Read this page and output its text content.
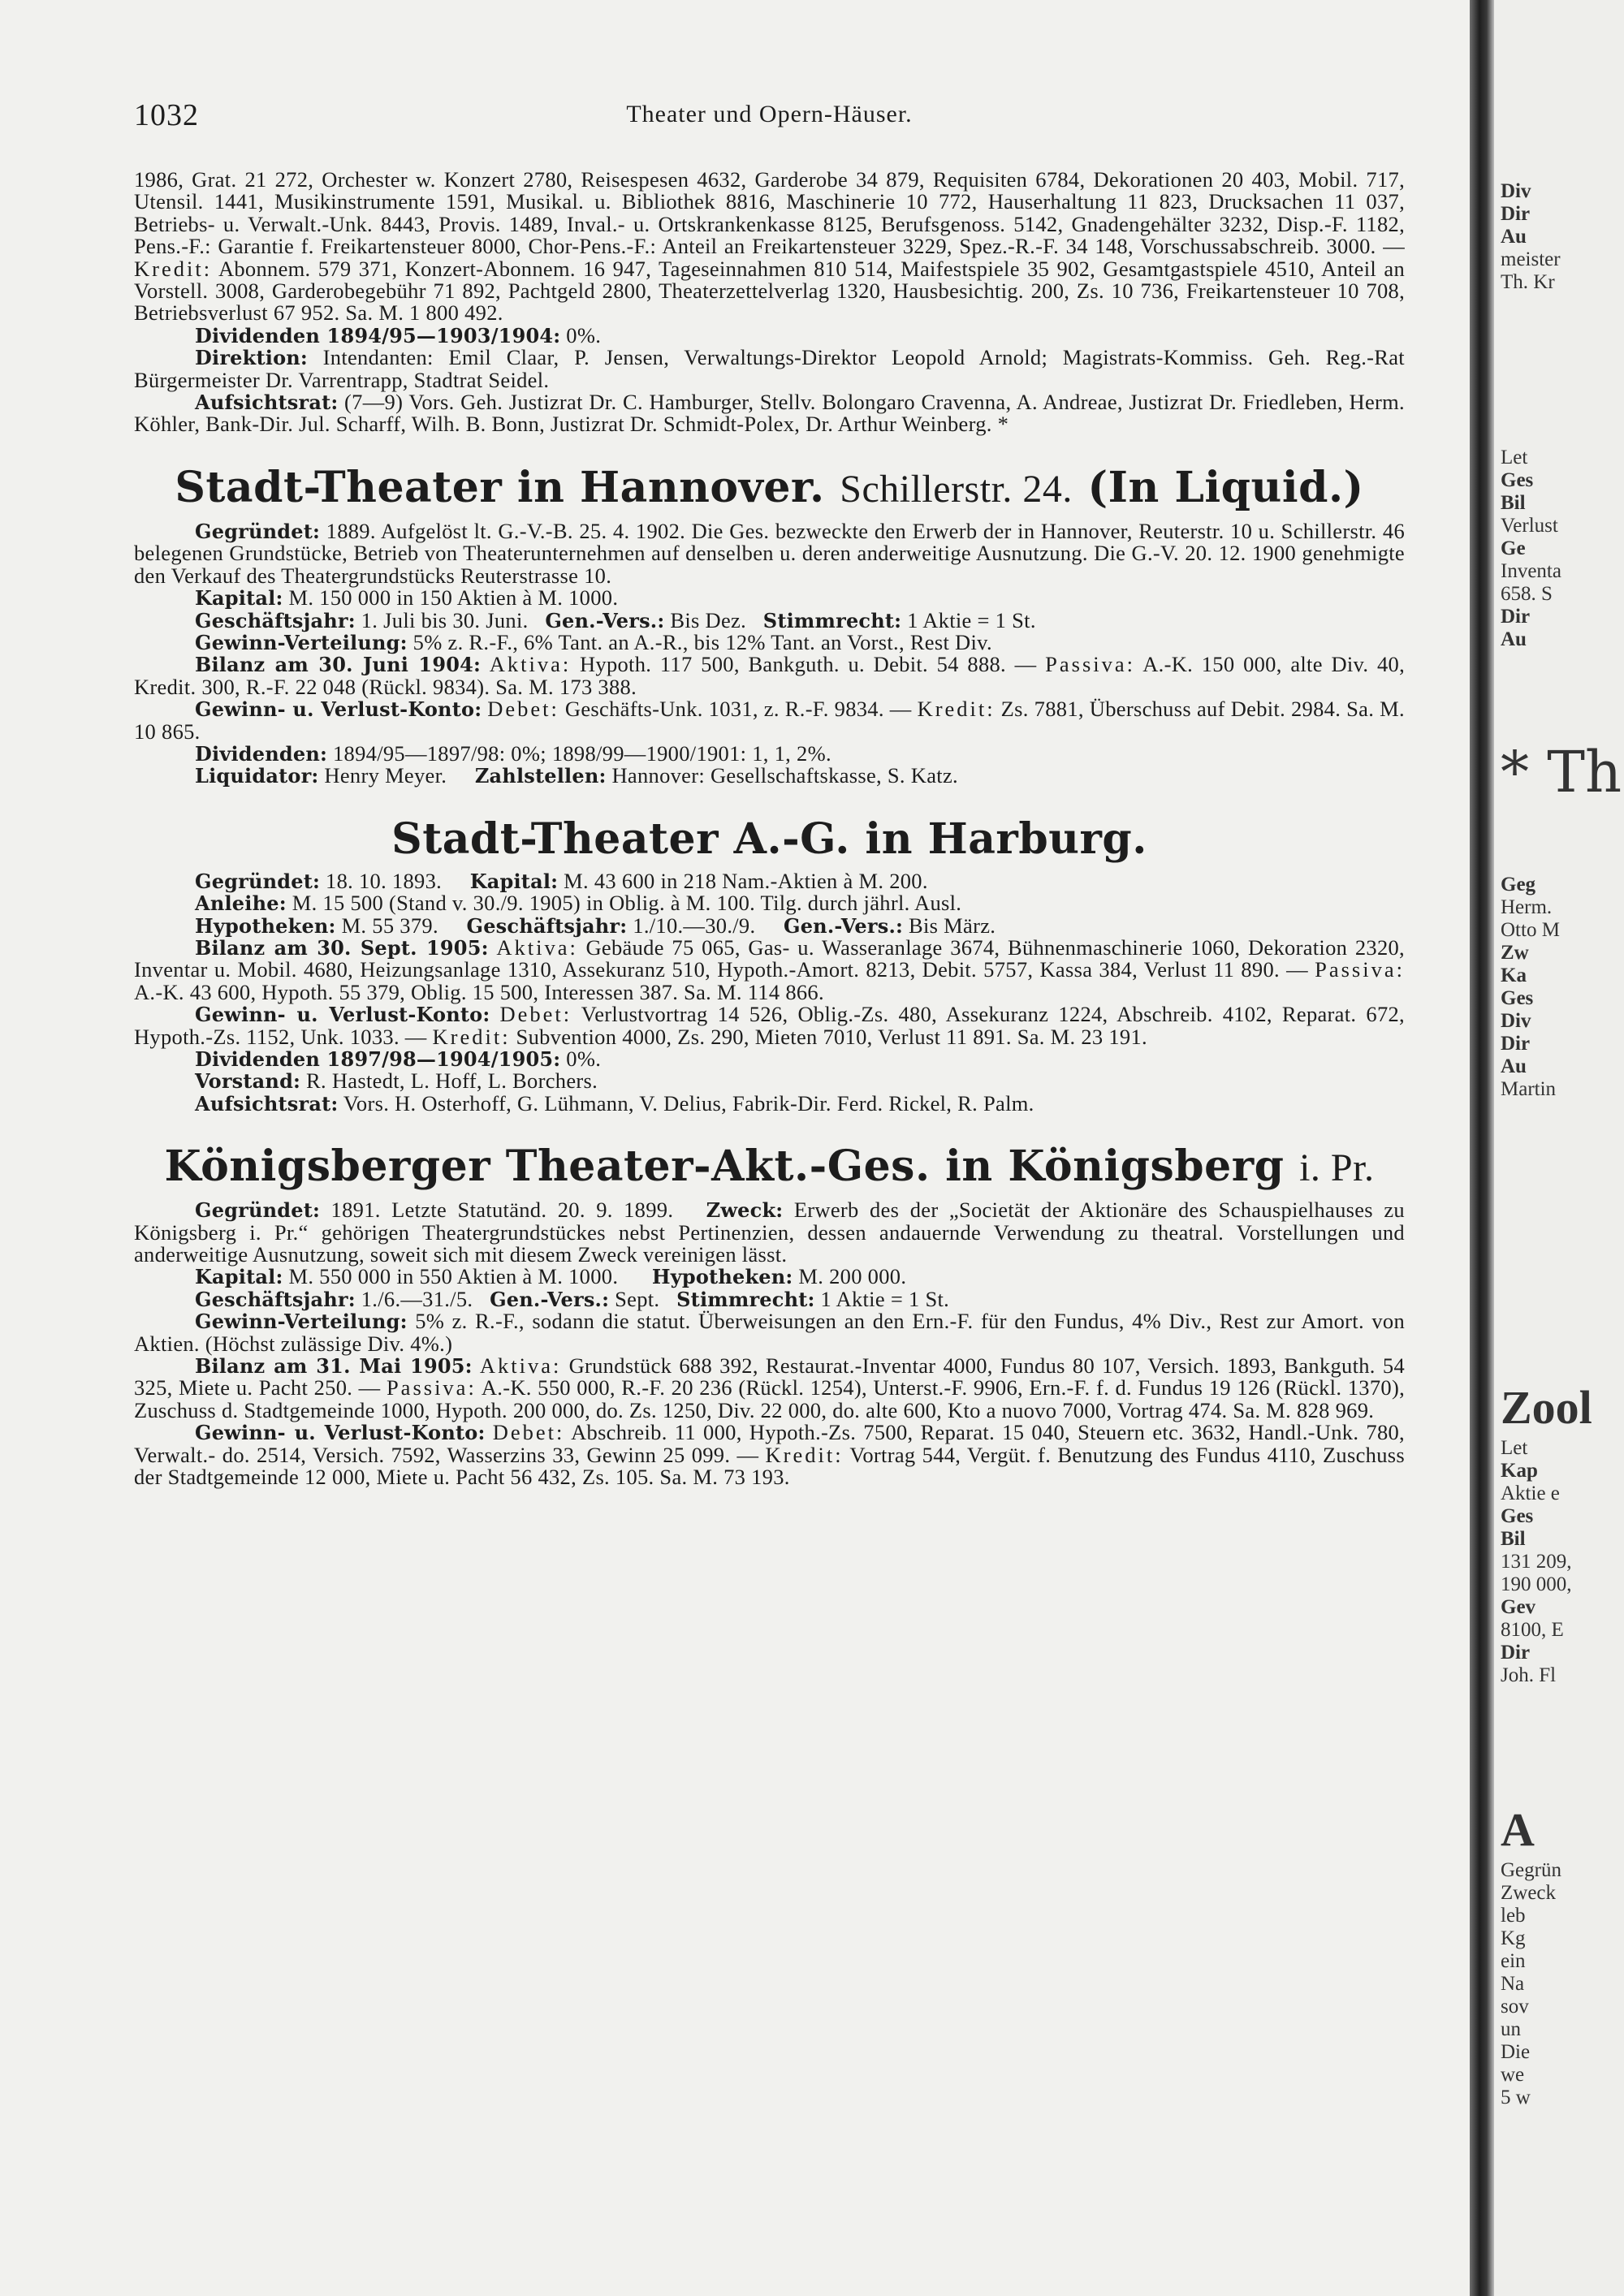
1032	Theater und Opern-Häuser.

1986, Grat. 21 272, Orchester w. Konzert 2780, Reisespesen 4632, Garderobe 34 879, Requisiten 6784, Dekorationen 20 403, Mobil. 717, Utensil. 1441, Musikinstrumente 1591, Musikal. u. Bibliothek 8816, Maschinerie 10 772, Hauserhaltung 11 823, Drucksachen 11 037, Betriebs- u. Verwalt.-Unk. 8443, Provis. 1489, Inval.- u. Ortskrankenkasse 8125, Berufsgenoss. 5142, Gnadengehälter 3232, Disp.-F. 1182, Pens.-F.: Garantie f. Freikartensteuer 8000, Chor-Pens.-F.: Anteil an Freikartensteuer 3229, Spez.-R.-F. 34 148, Vorschussabschreib. 3000. — Kredit: Abonnem. 579 371, Konzert-Abonnem. 16 947, Tageseinnahmen 810 514, Maifestspiele 35 902, Gesamtgastspiele 4510, Anteil an Vorstell. 3008, Garderobegebühr 71 892, Pachtgeld 2800, Theaterzettelverlag 1320, Hausbesichtig. 200, Zs. 10 736, Freikartensteuer 10 708, Betriebsverlust 67 952. Sa. M. 1 800 492.

Dividenden 1894/95—1903/1904: 0%.

Direktion: Intendanten: Emil Claar, P. Jensen, Verwaltungs-Direktor Leopold Arnold; Magistrats-Kommiss. Geh. Reg.-Rat Bürgermeister Dr. Varrentrapp, Stadtrat Seidel.

Aufsichtsrat: (7—9) Vors. Geh. Justizrat Dr. C. Hamburger, Stellv. Bolongaro Cravenna, A. Andreae, Justizrat Dr. Friedleben, Herm. Köhler, Bank-Dir. Jul. Scharff, Wilh. B. Bonn, Justizrat Dr. Schmidt-Polex, Dr. Arthur Weinberg. *

Stadt-Theater in Hannover. Schillerstr. 24. (In Liquid.)

Gegründet: 1889. Aufgelöst lt. G.-V.-B. 25. 4. 1902. Die Ges. bezweckte den Erwerb der in Hannover, Reuterstr. 10 u. Schillerstr. 46 belegenen Grundstücke, Betrieb von Theaterunternehmen auf denselben u. deren anderweitige Ausnutzung. Die G.-V. 20. 12. 1900 genehmigte den Verkauf des Theatergrundstücks Reuterstrasse 10.

Kapital: M. 150 000 in 150 Aktien à M. 1000.

Geschäftsjahr: 1. Juli bis 30. Juni. Gen.-Vers.: Bis Dez. Stimmrecht: 1 Aktie = 1 St.

Gewinn-Verteilung: 5% z. R.-F., 6% Tant. an A.-R., bis 12% Tant. an Vorst., Rest Div.

Bilanz am 30. Juni 1904: Aktiva: Hypoth. 117 500, Bankguth. u. Debit. 54 888. — Passiva: A.-K. 150 000, alte Div. 40, Kredit. 300, R.-F. 22 048 (Rückl. 9834). Sa. M. 173 388.

Gewinn- u. Verlust-Konto: Debet: Geschäfts-Unk. 1031, z. R.-F. 9834. — Kredit: Zs. 7881, Überschuss auf Debit. 2984. Sa. M. 10 865.

Dividenden: 1894/95—1897/98: 0%; 1898/99—1900/1901: 1, 1, 2%.

Liquidator: Henry Meyer. Zahlstellen: Hannover: Gesellschaftskasse, S. Katz.

Stadt-Theater A.-G. in Harburg.

Gegründet: 18. 10. 1893. Kapital: M. 43 600 in 218 Nam.-Aktien à M. 200.

Anleihe: M. 15 500 (Stand v. 30./9. 1905) in Oblig. à M. 100. Tilg. durch jährl. Ausl.

Hypotheken: M. 55 379. Geschäftsjahr: 1./10.—30./9. Gen.-Vers.: Bis März.

Bilanz am 30. Sept. 1905: Aktiva: Gebäude 75 065, Gas- u. Wasseranlage 3674, Bühnenmaschinerie 1060, Dekoration 2320, Inventar u. Mobil. 4680, Heizungsanlage 1310, Assekuranz 510, Hypoth.-Amort. 8213, Debit. 5757, Kassa 384, Verlust 11 890. — Passiva: A.-K. 43 600, Hypoth. 55 379, Oblig. 15 500, Interessen 387. Sa. M. 114 866.

Gewinn- u. Verlust-Konto: Debet: Verlustvortrag 14 526, Oblig.-Zs. 480, Assekuranz 1224, Abschreib. 4102, Reparat. 672, Hypoth.-Zs. 1152, Unk. 1033. — Kredit: Subvention 4000, Zs. 290, Mieten 7010, Verlust 11 891. Sa. M. 23 191.

Dividenden 1897/98—1904/1905: 0%.

Vorstand: R. Hastedt, L. Hoff, L. Borchers.

Aufsichtsrat: Vors. H. Osterhoff, G. Lühmann, V. Delius, Fabrik-Dir. Ferd. Rickel, R. Palm.

Königsberger Theater-Akt.-Ges. in Königsberg i. Pr.

Gegründet: 1891. Letzte Statutänd. 20. 9. 1899. Zweck: Erwerb des der „Societät der Aktionäre des Schauspielhauses zu Königsberg i. Pr.“ gehörigen Theatergrundstückes nebst Pertinenzien, dessen andauernde Verwendung zu theatral. Vorstellungen und anderweitige Ausnutzung, soweit sich mit diesem Zweck vereinigen lässt.

Kapital: M. 550 000 in 550 Aktien à M. 1000. Hypotheken: M. 200 000.

Geschäftsjahr: 1./6.—31./5. Gen.-Vers.: Sept. Stimmrecht: 1 Aktie = 1 St.

Gewinn-Verteilung: 5% z. R.-F., sodann die statut. Überweisungen an den Ern.-F. für den Fundus, 4% Div., Rest zur Amort. von Aktien. (Höchst zulässige Div. 4%.)

Bilanz am 31. Mai 1905: Aktiva: Grundstück 688 392, Restaurat.-Inventar 4000, Fundus 80 107, Versich. 1893, Bankguth. 54 325, Miete u. Pacht 250. — Passiva: A.-K. 550 000, R.-F. 20 236 (Rückl. 1254), Unterst.-F. 9906, Ern.-F. f. d. Fundus 19 126 (Rückl. 1370), Zuschuss d. Stadtgemeinde 1000, Hypoth. 200 000, do. Zs. 1250, Div. 22 000, do. alte 600, Kto a nuovo 7000, Vortrag 474. Sa. M. 828 969.

Gewinn- u. Verlust-Konto: Debet: Abschreib. 11 000, Hypoth.-Zs. 7500, Reparat. 15 040, Steuern etc. 3632, Handl.-Unk. 780, Verwalt.- do. 2514, Versich. 7592, Wasserzins 33, Gewinn 25 099. — Kredit: Vortrag 544, Vergüt. f. Benutzung des Fundus 4110, Zuschuss der Stadtgemeinde 12 000, Miete u. Pacht 56 432, Zs. 105. Sa. M. 73 193.

Div
Dir
Au
meister
Th. Kr
Let
Ges
Bil
Verlust
Ge
Inventa
658. S
Dir
Au
Geg
Herm.
Otto M
Zw
Ka
Ges
Div
Dir
Au
Martin
Let
Kap
Aktie e
Ges
Bil
131 209,
190 000,
Gev
8100, E
Dir
Joh. Fl
Gegrün
Zweck
leb
Kg
ein
Na
sov
un
Die
we
5 w
* Th
Zool
A
